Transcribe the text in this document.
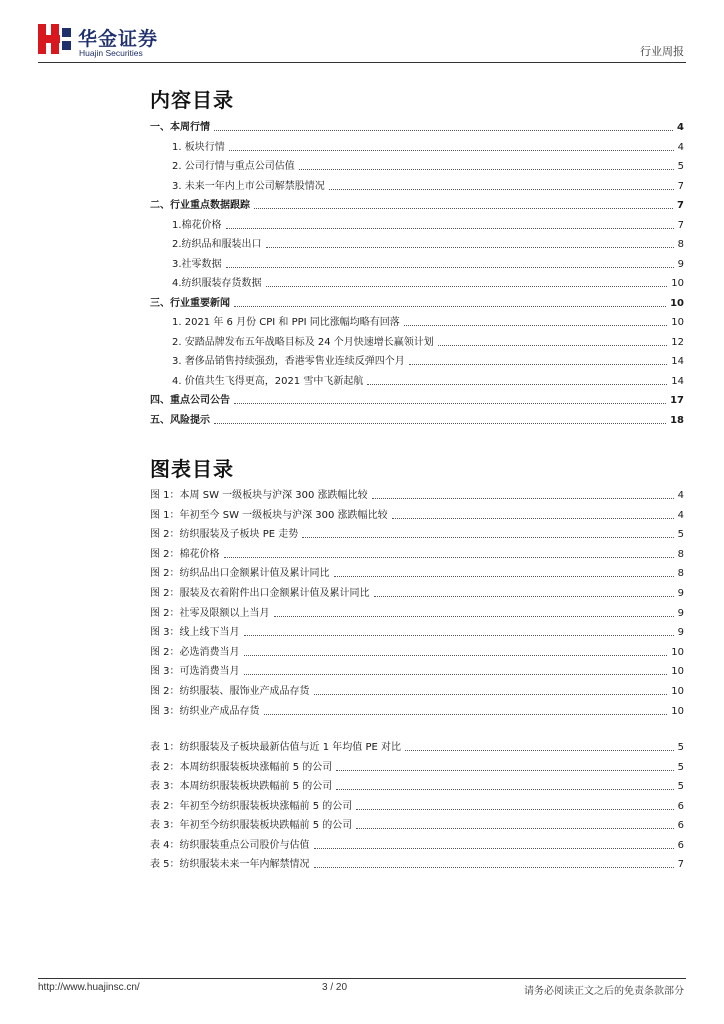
华金证券
Huajin Securities	行业周报
内容目录
一、本周行情	4
1. 板块行情	4
2. 公司行情与重点公司估值	5
3. 未来一年内上市公司解禁股情况	7
二、行业重点数据跟踪	7
1.棉花价格	7
2.纺织品和服装出口	8
3.社零数据	9
4.纺织服装存货数据	10
三、行业重要新闻	10
1. 2021 年 6 月份 CPI 和 PPI 同比涨幅均略有回落	10
2. 安踏品牌发布五年战略目标及 24 个月快速增长赢领计划	12
3. 奢侈品销售持续强劲，香港零售业连续反弹四个月	14
4. 价值共生飞得更高，2021 雪中飞新起航	14
四、重点公司公告	17
五、风险提示	18
图表目录
图 1：本周 SW 一级板块与沪深 300 涨跌幅比较	4
图 1：年初至今 SW 一级板块与沪深 300 涨跌幅比较	4
图 2：纺织服装及子板块 PE 走势	5
图 2：棉花价格	8
图 2：纺织品出口金额累计值及累计同比	8
图 2：服装及衣着附件出口金额累计值及累计同比	9
图 2：社零及限额以上当月	9
图 3：线上线下当月	9
图 2：必选消费当月	10
图 3：可选消费当月	10
图 2：纺织服装、服饰业产成品存货	10
图 3：纺织业产成品存货	10
表 1：纺织服装及子板块最新估值与近 1 年均值 PE 对比	5
表 2：本周纺织服装板块涨幅前 5 的公司	5
表 3：本周纺织服装板块跌幅前 5 的公司	5
表 2：年初至今纺织服装板块涨幅前 5 的公司	6
表 3：年初至今纺织服装板块跌幅前 5 的公司	6
表 4：纺织服装重点公司股价与估值	6
表 5：纺织服装未来一年内解禁情况	7
http://www.huajinsc.cn/	3 / 20	请务必阅读正文之后的免责条款部分
